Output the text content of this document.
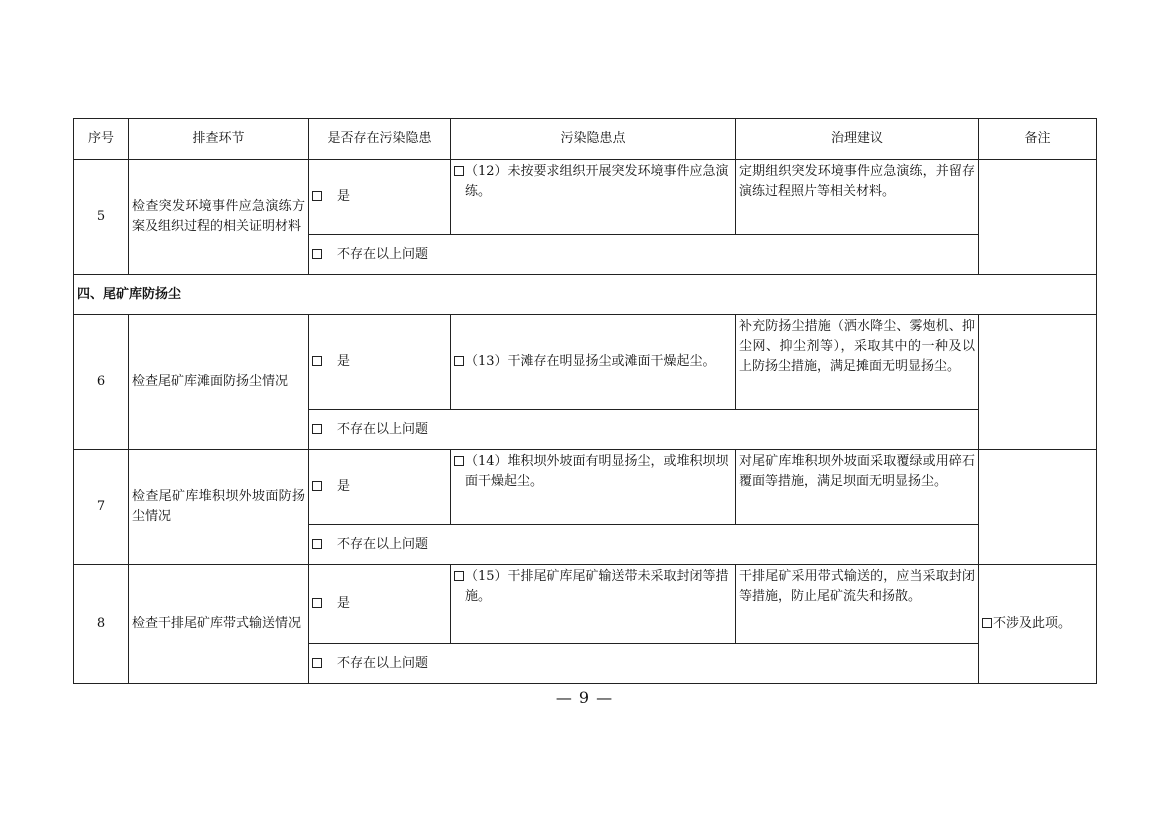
序号	排查环节	是否存在污染隐患	污染隐患点	治理建议	备注
5	检查突发环境事件应急演练方案及组织过程的相关证明材料	是	（12）未按要求组织开展突发环境事件应急演练。	定期组织突发环境事件应急演练，并留存演练过程照片等相关材料。	
		不存在以上问题			
四、尾矿库防扬尘					
6	检查尾矿库滩面防扬尘情况	是	（13）干滩存在明显扬尘或滩面干燥起尘。	补充防扬尘措施（洒水降尘、雾炮机、抑尘网、抑尘剂等），采取其中的一种及以上防扬尘措施，满足摊面无明显扬尘。	
		不存在以上问题			
7	检查尾矿库堆积坝外坡面防扬尘情况	是	（14）堆积坝外坡面有明显扬尘，或堆积坝坝面干燥起尘。	对尾矿库堆积坝外坡面采取覆绿或用碎石覆面等措施，满足坝面无明显扬尘。	
		不存在以上问题			
8	检查干排尾矿库带式输送情况	是	（15）干排尾矿库尾矿输送带未采取封闭等措施。	干排尾矿采用带式输送的，应当采取封闭等措施，防止尾矿流失和扬散。	不涉及此项。
		不存在以上问题			
— 9 —
